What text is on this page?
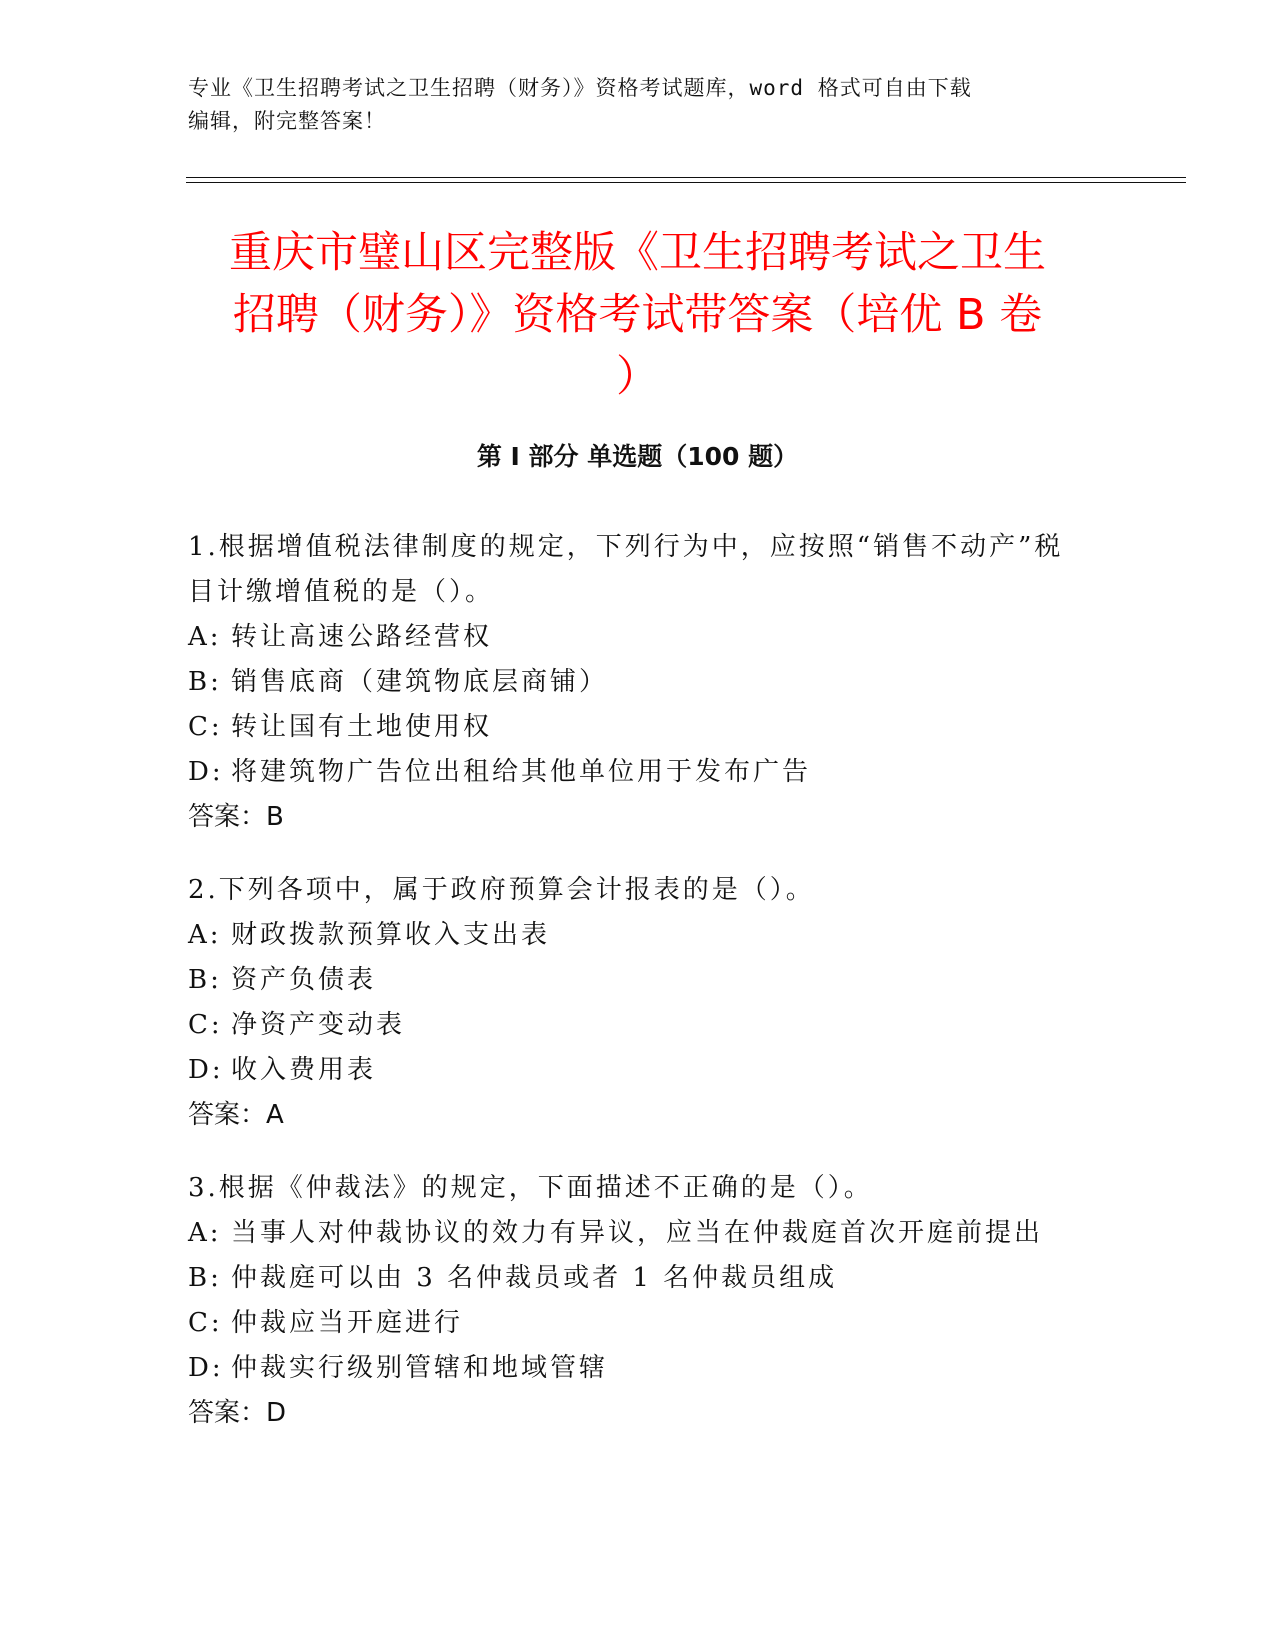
专业《卫生招聘考试之卫生招聘（财务）》资格考试题库，word 格式可自由下载
编辑，附完整答案！
重庆市璧山区完整版《卫生招聘考试之卫生
招聘（财务）》资格考试带答案（培优 B 卷
）
第 I 部分 单选题（100 题）

1.根据增值税法律制度的规定，下列行为中，应按照“销售不动产”税目计缴增值税的是（）。

A: 转让高速公路经营权

B: 销售底商（建筑物底层商铺）

C: 转让国有土地使用权

D: 将建筑物广告位出租给其他单位用于发布广告

答案：B

2.下列各项中，属于政府预算会计报表的是（）。

A: 财政拨款预算收入支出表

B: 资产负债表

C: 净资产变动表

D: 收入费用表

答案：A

3.根据《仲裁法》的规定，下面描述不正确的是（）。

A: 当事人对仲裁协议的效力有异议，应当在仲裁庭首次开庭前提出

B: 仲裁庭可以由 3 名仲裁员或者 1 名仲裁员组成

C: 仲裁应当开庭进行

D: 仲裁实行级别管辖和地域管辖

答案：D
